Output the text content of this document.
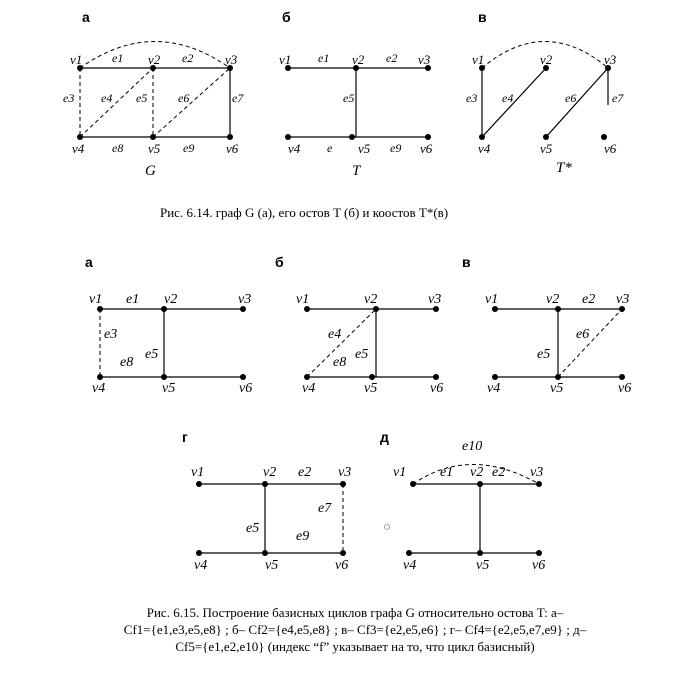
а	б	в
v1	v2	v3
v4	v5	v6
e1	e2
e3 e4 e5	e6	e7
e8	e9
G
v1	v2	v3
v4	v5	v6
e1	e2
e5
e	e9
T
v1	v2	v3
v4	v5	v6
e3 e4	e6	e7
T*
Рис. 6.14. граф G (а), его остов T (б) и коостов T*(в)
а	б	в
г	д
v1	v2	v3
v4	v5	v6
e1
e3
e8
e5
v1	v2	v3
v4	v5	v6
e4
e8
e5
v1	v2	v3
v4	v5	v6
e2
e6
e5
v1	v2	v3
v4	v5	v6
e2
e7
e5
e9
v1	v2	v3
v4	v5	v6
e10
e1	e2
Рис. 6.15. Построение базисных циклов графа G относительно остова T: а–
Cf1={e1,e3,e5,e8} ; б– Cf2={e4,e5,e8} ; в– Cf3={e2,e5,e6} ; г– Cf4={e2,e5,e7,e9} ; д–
Cf5={e1,e2,e10} (индекс “f” указывает на то, что цикл базисный)
